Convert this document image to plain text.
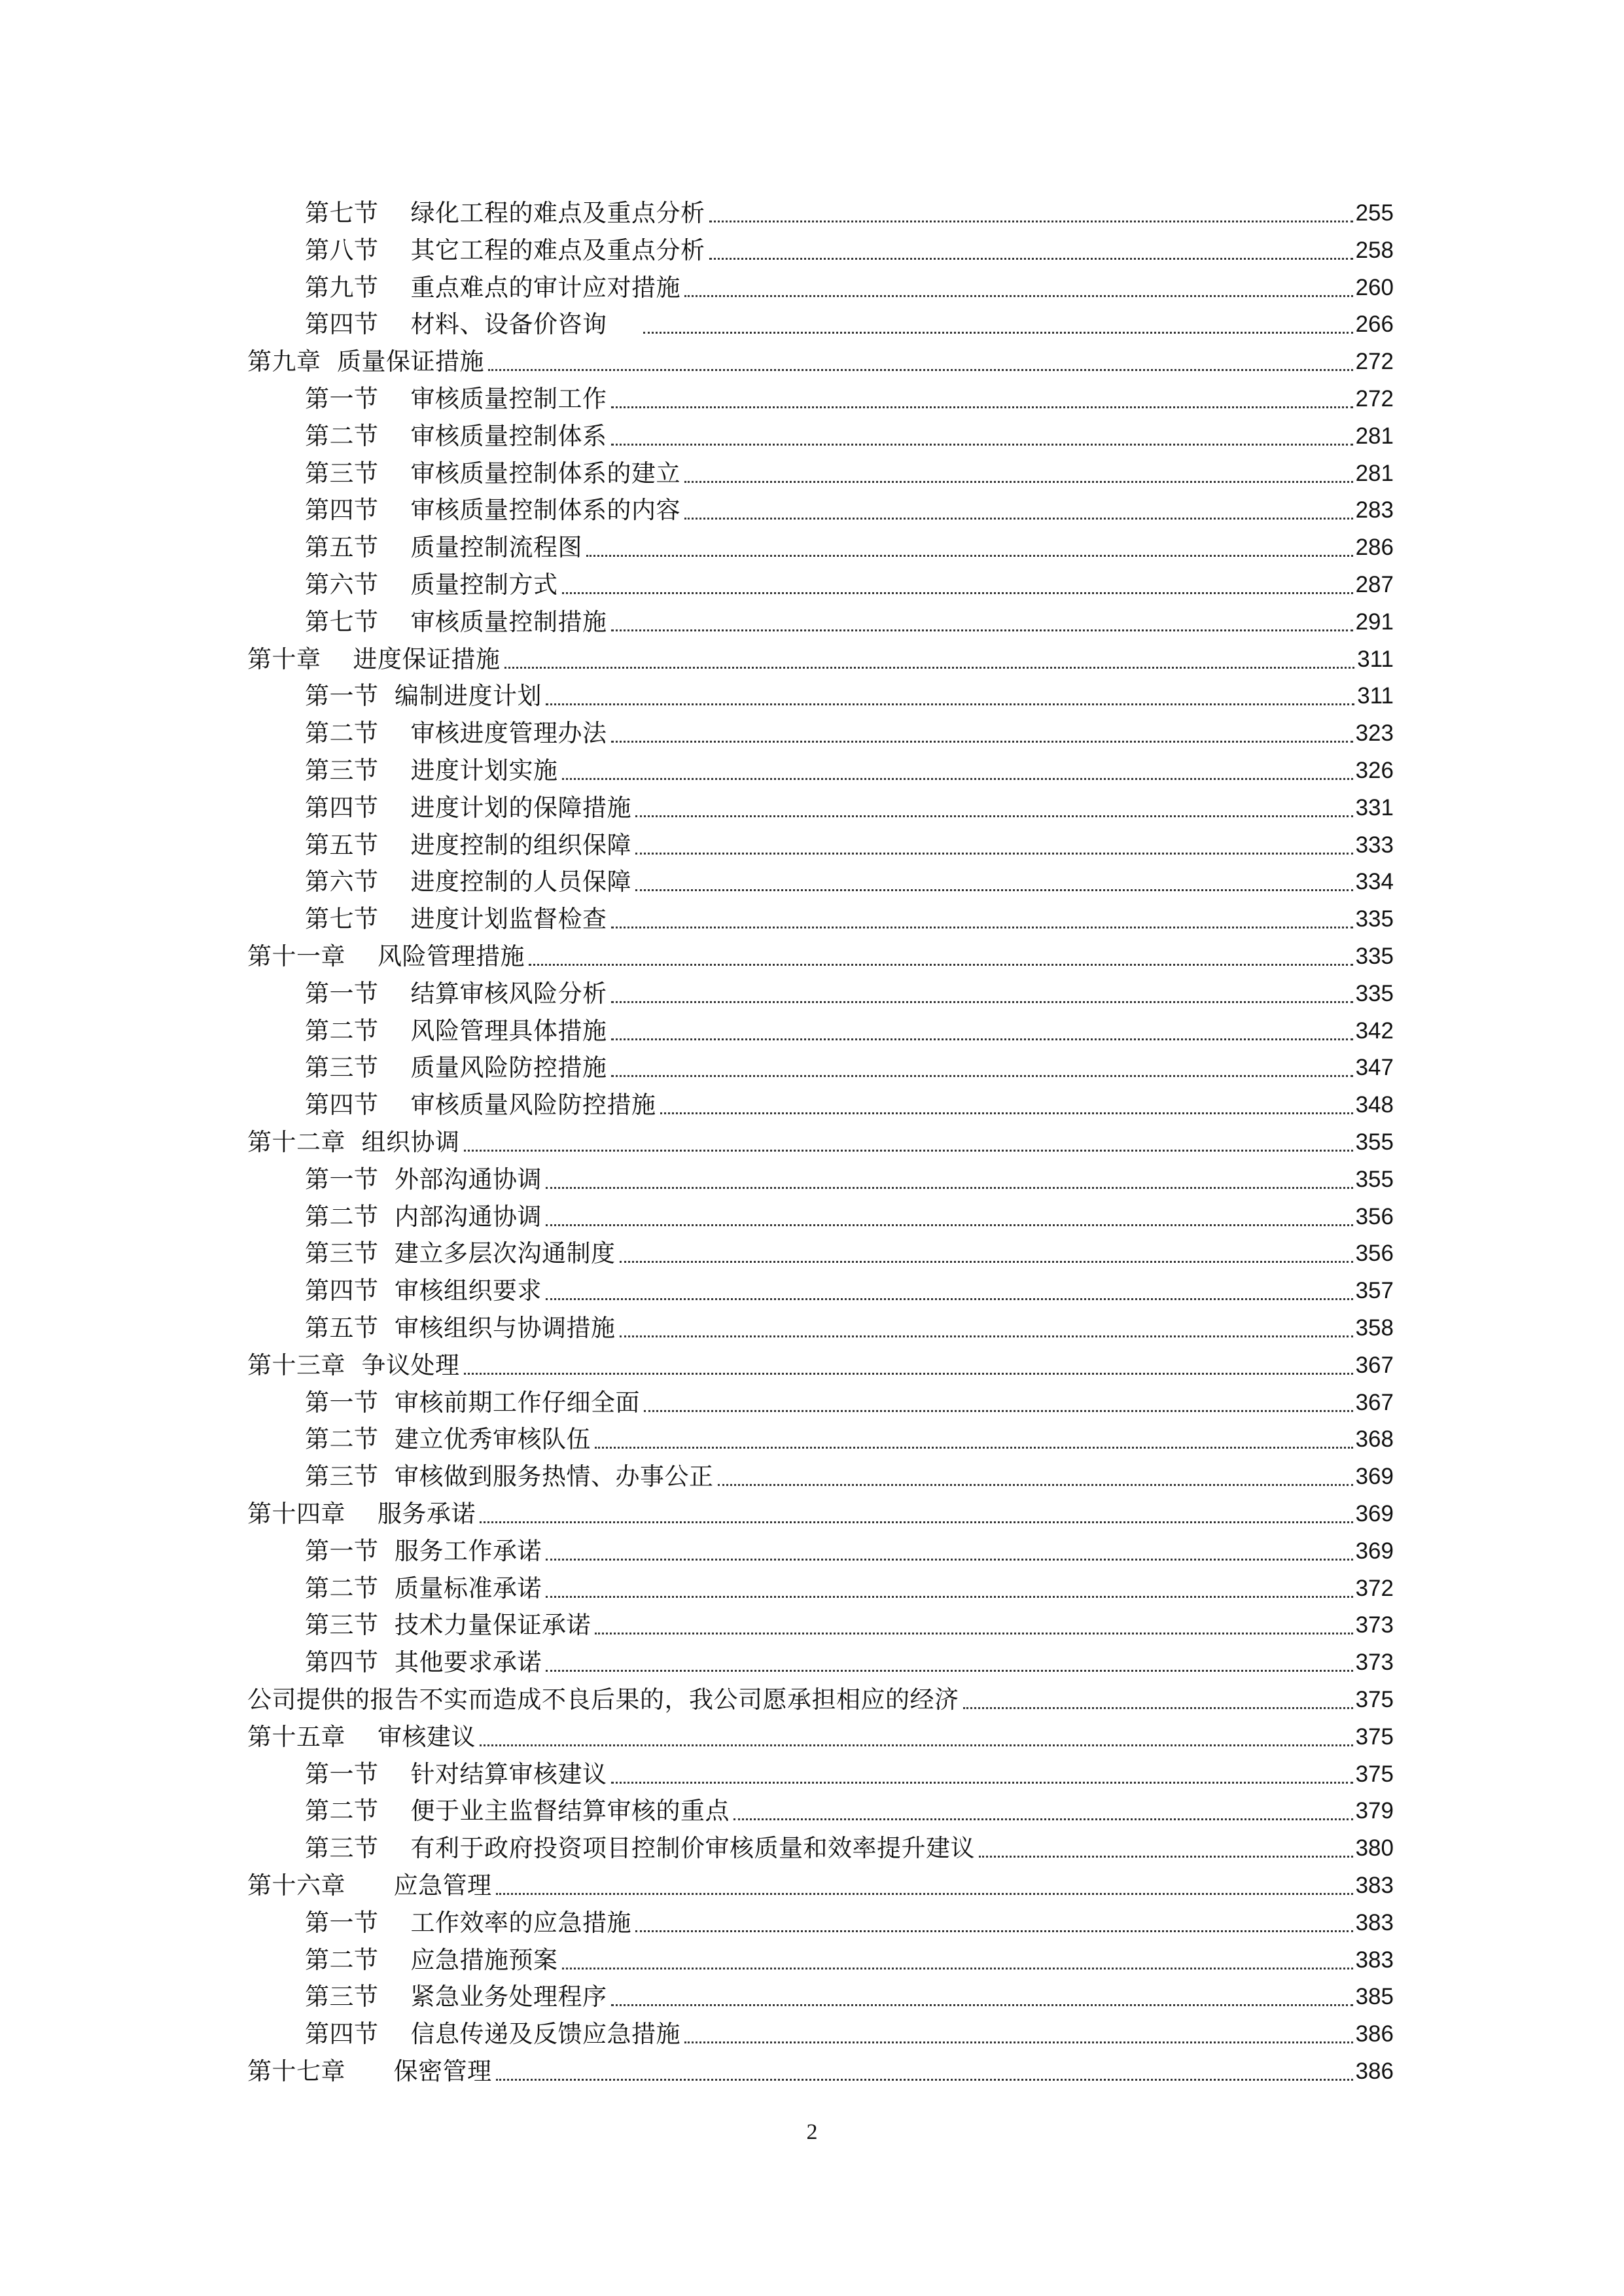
第七节    绿化工程的难点及重点分析	255
第八节    其它工程的难点及重点分析	258
第九节    重点难点的审计应对措施	260
第四节    材料、设备价咨询	266
第九章  质量保证措施	272
第一节    审核质量控制工作	272
第二节    审核质量控制体系	281
第三节    审核质量控制体系的建立	281
第四节    审核质量控制体系的内容	283
第五节    质量控制流程图	286
第六节    质量控制方式	287
第七节    审核质量控制措施	291
第十章    进度保证措施	311
第一节  编制进度计划	311
第二节    审核进度管理办法	323
第三节    进度计划实施	326
第四节    进度计划的保障措施	331
第五节    进度控制的组织保障	333
第六节    进度控制的人员保障	334
第七节    进度计划监督检查	335
第十一章    风险管理措施	335
第一节    结算审核风险分析	335
第二节    风险管理具体措施	342
第三节    质量风险防控措施	347
第四节    审核质量风险防控措施	348
第十二章  组织协调	355
第一节  外部沟通协调	355
第二节  内部沟通协调	356
第三节  建立多层次沟通制度	356
第四节  审核组织要求	357
第五节  审核组织与协调措施	358
第十三章  争议处理	367
第一节  审核前期工作仔细全面	367
第二节  建立优秀审核队伍	368
第三节  审核做到服务热情、办事公正	369
第十四章    服务承诺	369
第一节  服务工作承诺	369
第二节  质量标准承诺	372
第三节  技术力量保证承诺	373
第四节  其他要求承诺	373
公司提供的报告不实而造成不良后果的，我公司愿承担相应的经济	375
第十五章    审核建议	375
第一节    针对结算审核建议	375
第二节    便于业主监督结算审核的重点	379
第三节    有利于政府投资项目控制价审核质量和效率提升建议	380
第十六章      应急管理	383
第一节    工作效率的应急措施	383
第二节    应急措施预案	383
第三节    紧急业务处理程序	385
第四节    信息传递及反馈应急措施	386
第十七章      保密管理	386
2
